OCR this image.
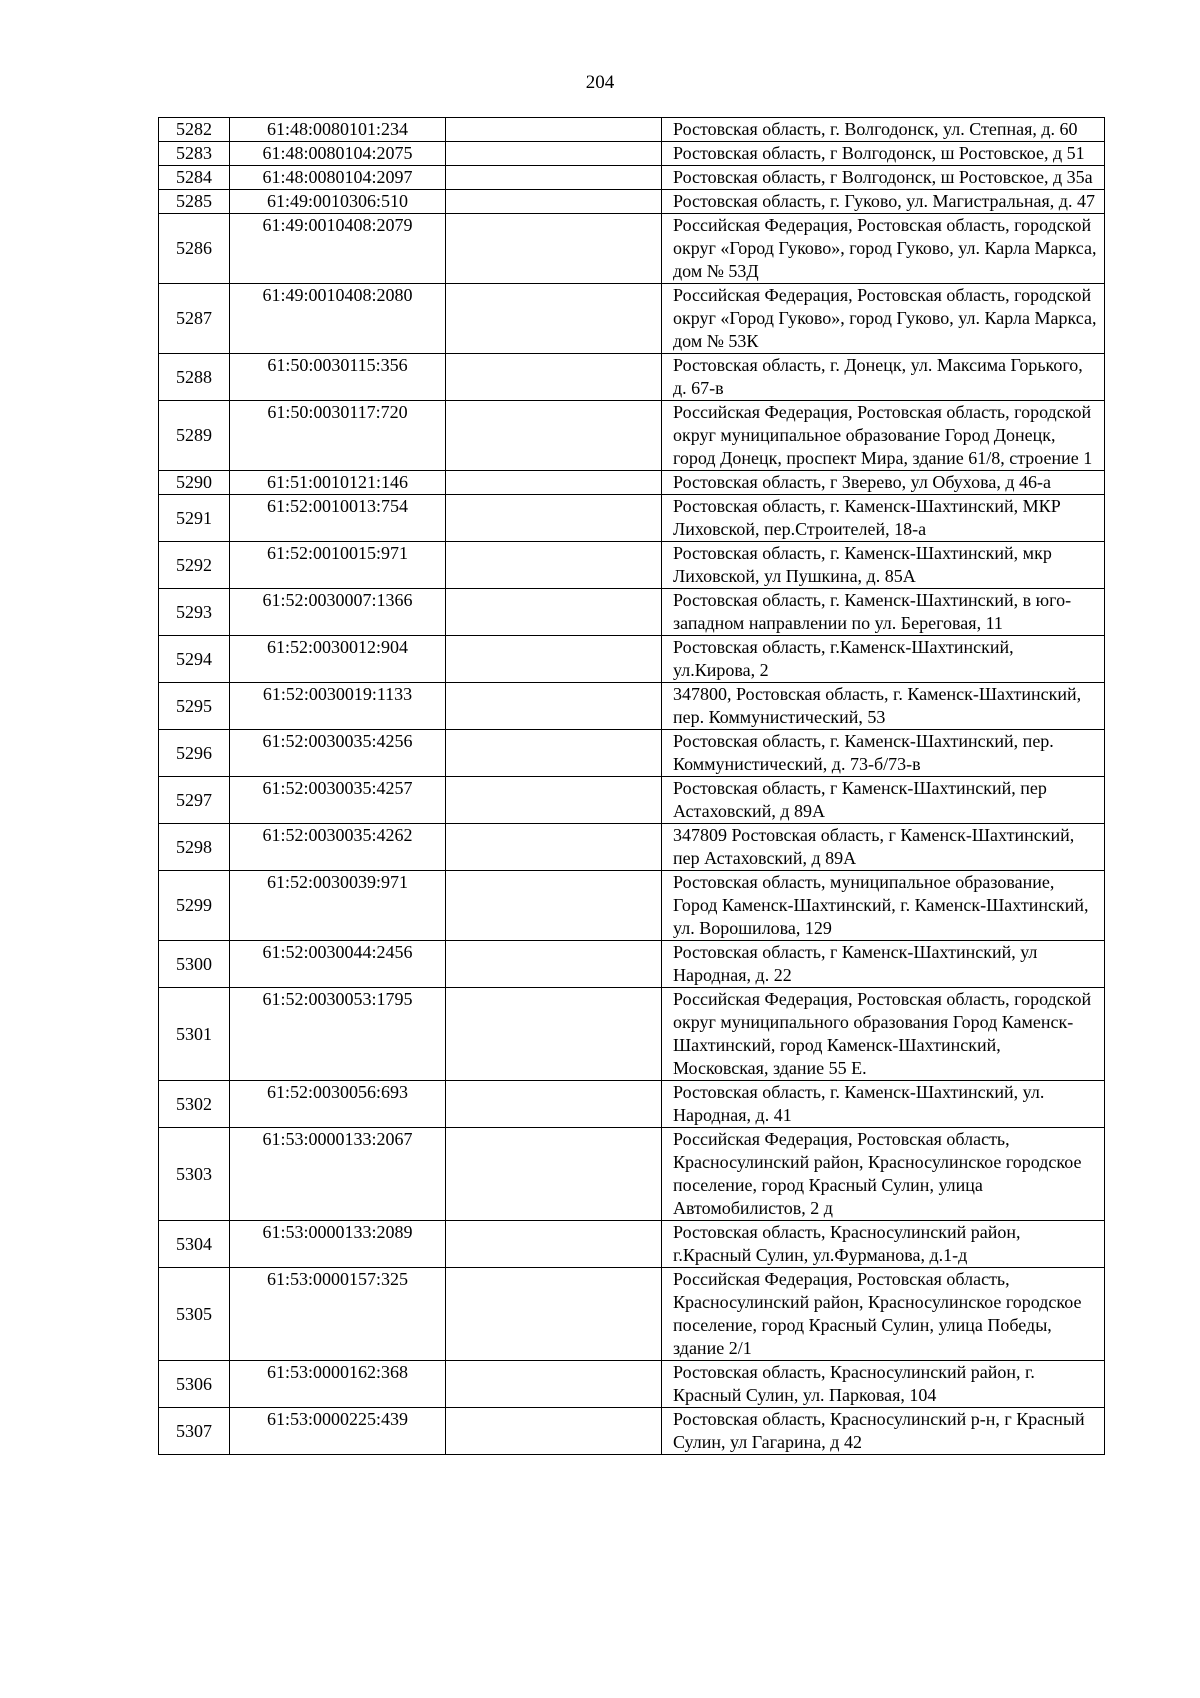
204
5282	61:48:0080101:234		Ростовская область, г. Волгодонск, ул. Степная, д. 60
5283	61:48:0080104:2075		Ростовская область, г Волгодонск, ш Ростовское, д 51
5284	61:48:0080104:2097		Ростовская область, г Волгодонск, ш Ростовское, д 35а
5285	61:49:0010306:510		Ростовская область, г. Гуково, ул. Магистральная, д. 47
5286	61:49:0010408:2079		Российская Федерация, Ростовская область, городской округ «Город Гуково», город Гуково, ул. Карла Маркса, дом № 53Д
5287	61:49:0010408:2080		Российская Федерация, Ростовская область, городской округ «Город Гуково», город Гуково, ул. Карла Маркса, дом № 53К
5288	61:50:0030115:356		Ростовская область, г. Донецк, ул. Максима Горького, д. 67-в
5289	61:50:0030117:720		Российская Федерация, Ростовская область, городской округ муниципальное образование Город Донецк, город Донецк, проспект Мира, здание 61/8, строение 1
5290	61:51:0010121:146		Ростовская область, г Зверево, ул Обухова, д 46-а
5291	61:52:0010013:754		Ростовская область, г. Каменск-Шахтинский, МКР Лиховской, пер.Строителей, 18-а
5292	61:52:0010015:971		Ростовская область, г. Каменск-Шахтинский, мкр Лиховской, ул Пушкина, д. 85А
5293	61:52:0030007:1366		Ростовская область, г. Каменск-Шахтинский, в юго-западном направлении по ул. Береговая, 11
5294	61:52:0030012:904		Ростовская область, г.Каменск-Шахтинский, ул.Кирова, 2
5295	61:52:0030019:1133		347800, Ростовская область, г. Каменск-Шахтинский, пер. Коммунистический, 53
5296	61:52:0030035:4256		Ростовская область, г. Каменск-Шахтинский, пер. Коммунистический, д. 73-б/73-в
5297	61:52:0030035:4257		Ростовская область, г Каменск-Шахтинский, пер Астаховский, д 89А
5298	61:52:0030035:4262		347809 Ростовская область, г Каменск-Шахтинский, пер Астаховский, д 89А
5299	61:52:0030039:971		Ростовская область, муниципальное образование, Город Каменск-Шахтинский, г. Каменск-Шахтинский, ул. Ворошилова, 129
5300	61:52:0030044:2456		Ростовская область, г Каменск-Шахтинский, ул Народная, д. 22
5301	61:52:0030053:1795		Российская Федерация, Ростовская область, городской округ муниципального образования Город Каменск-Шахтинский, город Каменск-Шахтинский, Московская, здание 55 Е.
5302	61:52:0030056:693		Ростовская область, г. Каменск-Шахтинский, ул. Народная, д. 41
5303	61:53:0000133:2067		Российская Федерация, Ростовская область, Красносулинский район, Красносулинское городское поселение, город Красный Сулин, улица Автомобилистов, 2 д
5304	61:53:0000133:2089		Ростовская область, Красносулинский район, г.Красный Сулин, ул.Фурманова, д.1-д
5305	61:53:0000157:325		Российская Федерация, Ростовская область, Красносулинский район, Красносулинское городское поселение, город Красный Сулин, улица Победы, здание 2/1
5306	61:53:0000162:368		Ростовская область, Красносулинский район, г. Красный Сулин, ул. Парковая, 104
5307	61:53:0000225:439		Ростовская область, Красносулинский р-н, г Красный Сулин, ул Гагарина, д 42
